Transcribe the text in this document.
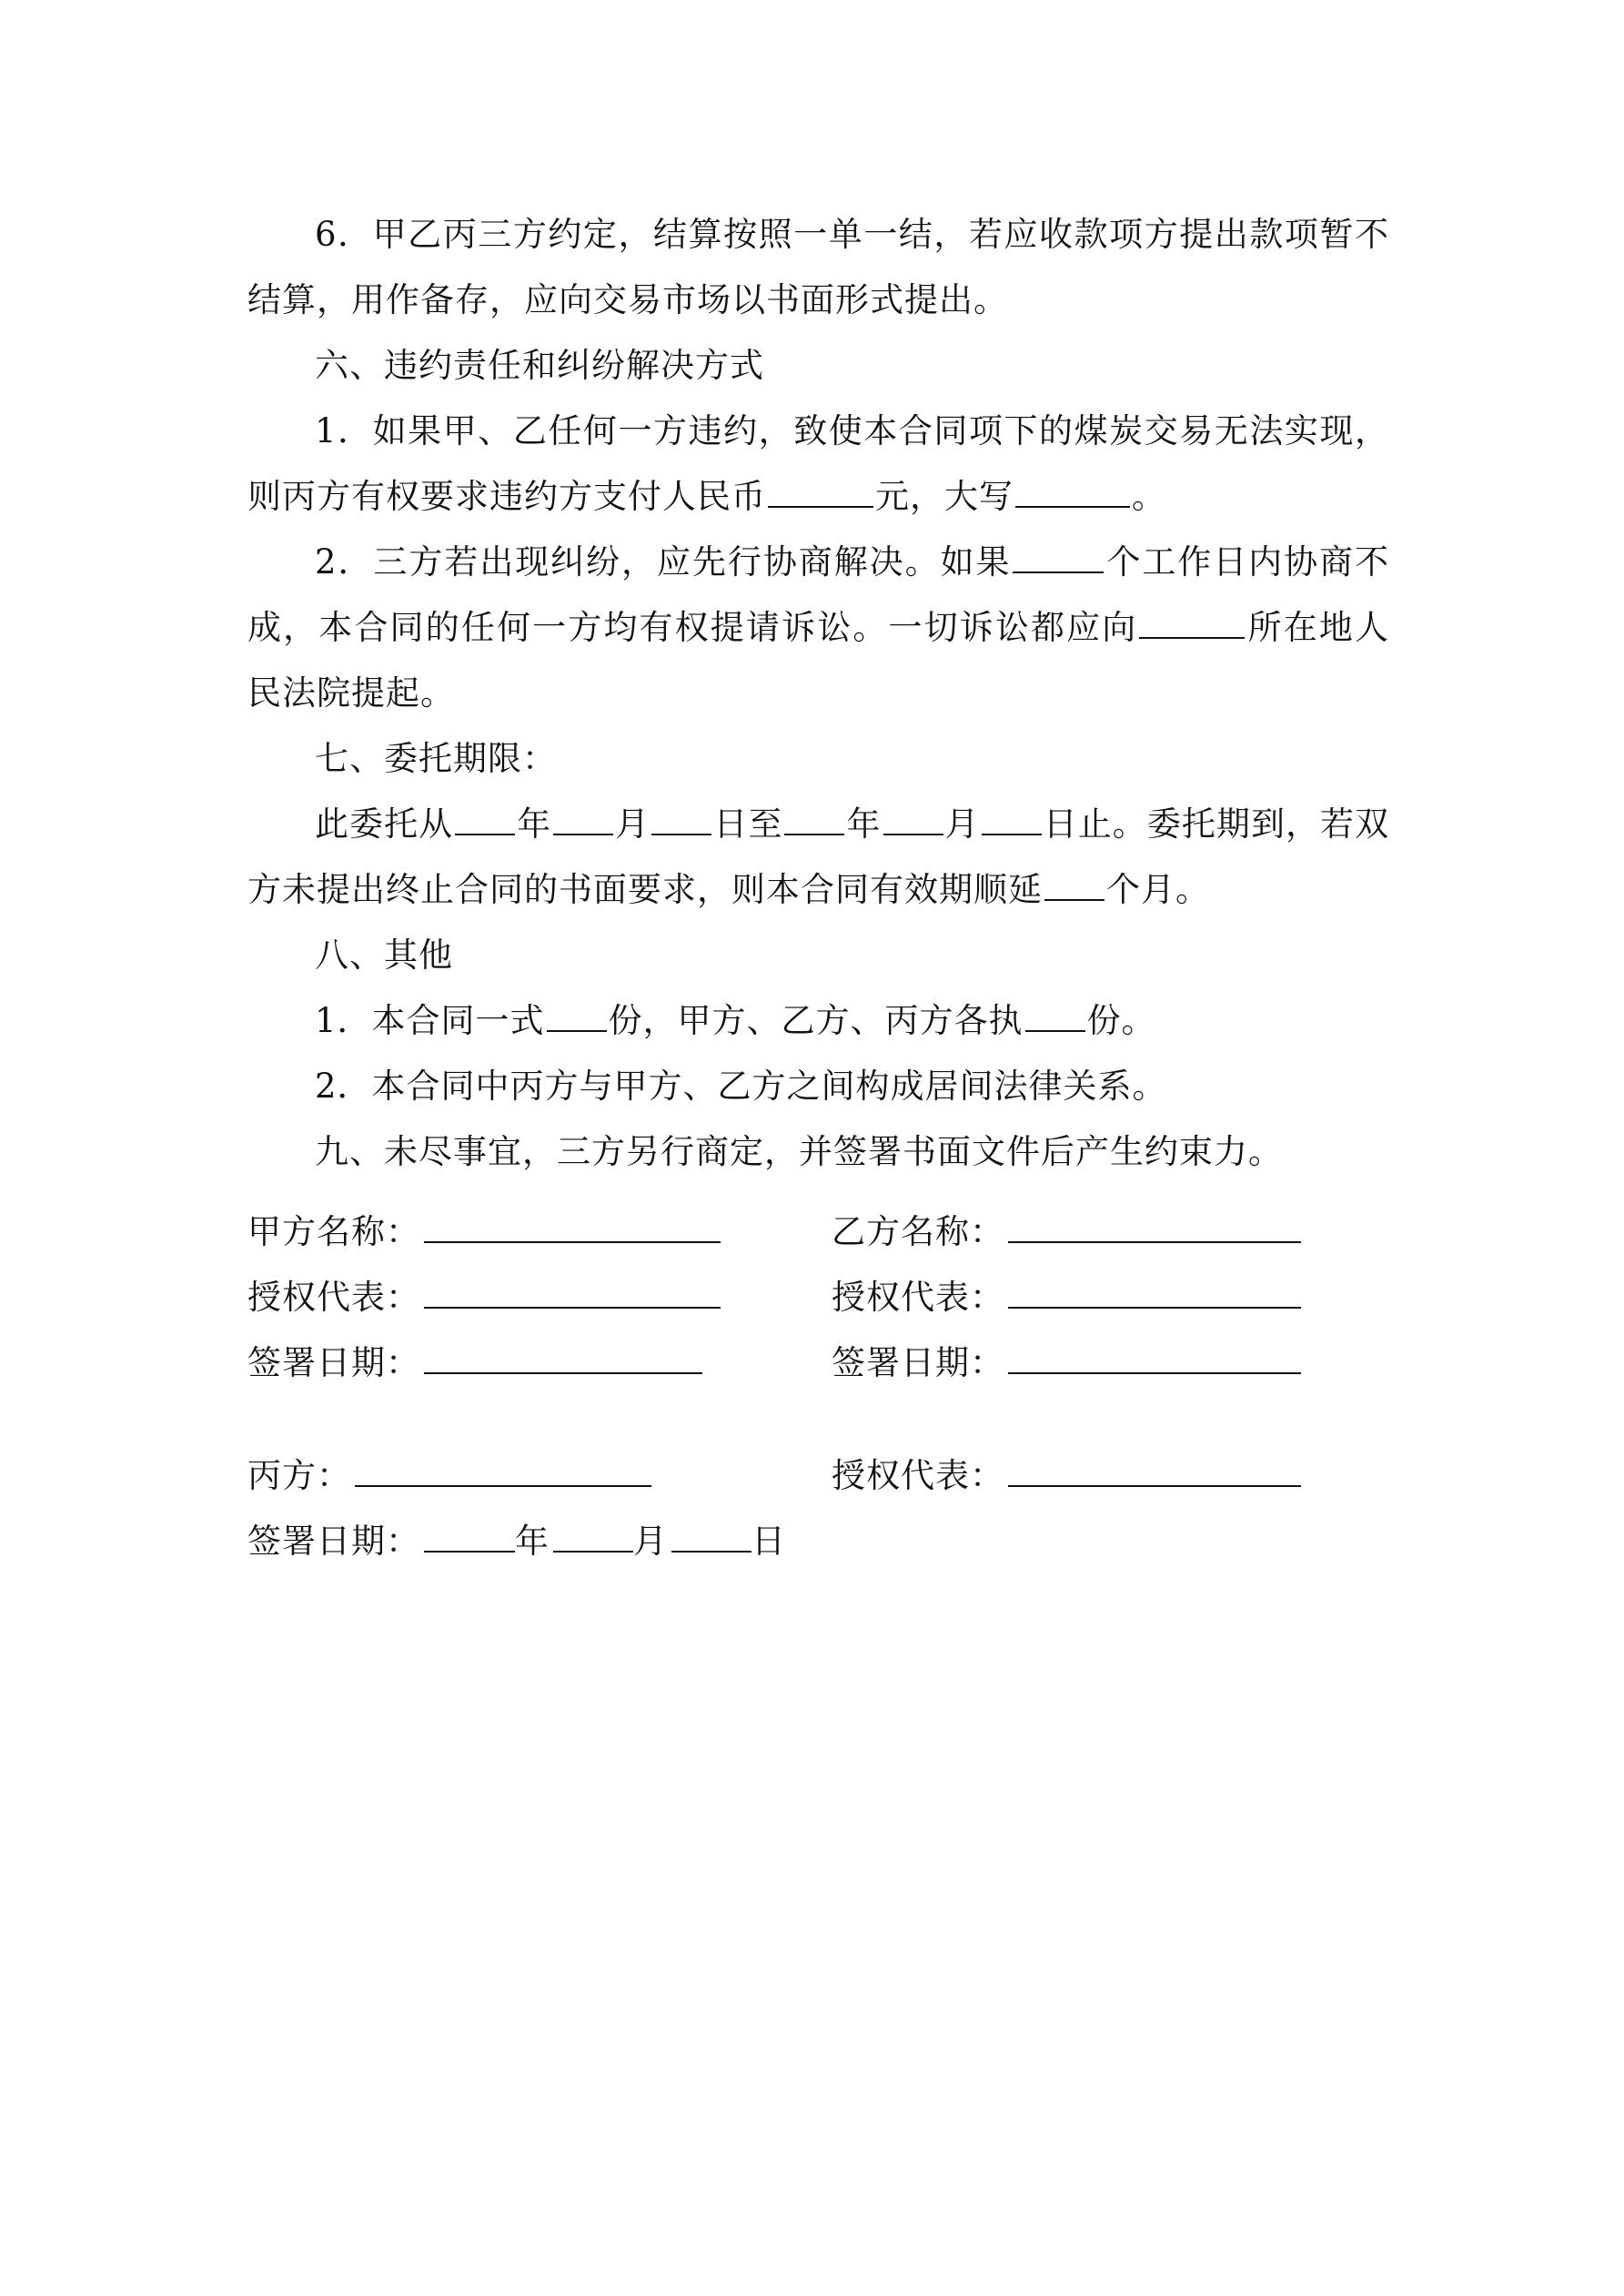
6．甲乙丙三方约定，结算按照一单一结，若应收款项方提出款项暂不结算，用作备存，应向交易市场以书面形式提出。

六、违约责任和纠纷解决方式

1．如果甲、乙任何一方违约，致使本合同项下的煤炭交易无法实现，则丙方有权要求违约方支付人民币	元，大写	。

2．三方若出现纠纷，应先行协商解决。如果	个工作日内协商不成，本合同的任何一方均有权提请诉讼。一切诉讼都应向	所在地人民法院提起。

七、委托期限：

此委托从 年 月 日至 年 月 日止。委托期到，若双方未提出终止合同的书面要求，则本合同有效期顺延 个月。

八、其他

1．本合同一式 份，甲方、乙方、丙方各执 份。

2．本合同中丙方与甲方、乙方之间构成居间法律关系。

九、未尽事宜，三方另行商定，并签署书面文件后产生约束力。

甲方名称：	乙方名称：
授权代表：	授权代表：
签署日期：	签署日期：
丙方：	授权代表：
签署日期：	年 月 日
